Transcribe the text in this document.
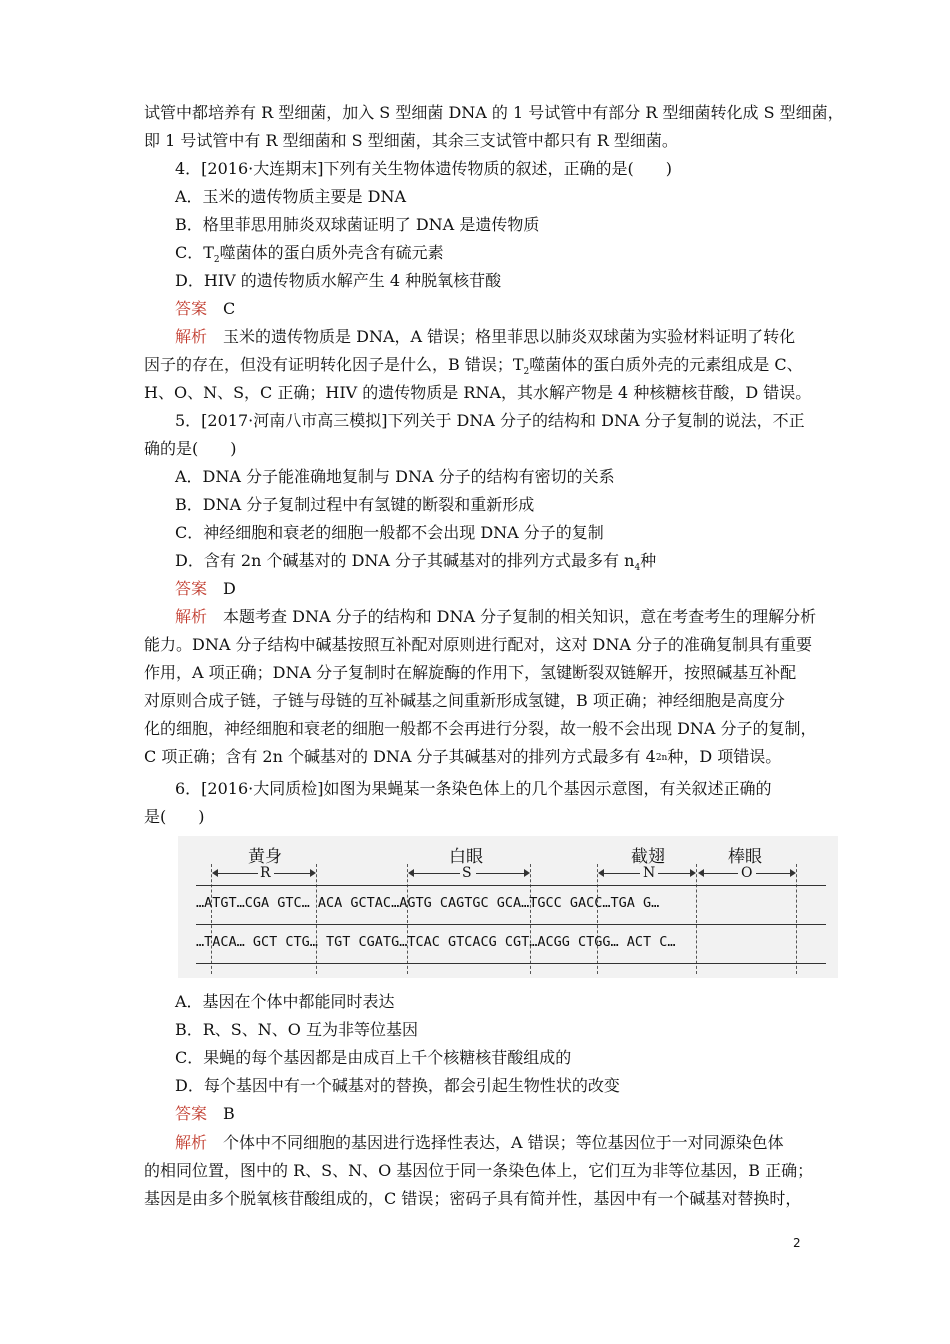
试管中都培养有 R 型细菌，加入 S 型细菌 DNA 的 1 号试管中有部分 R 型细菌转化成 S 型细菌，
即 1 号试管中有 R 型细菌和 S 型细菌，其余三支试管中都只有 R 型细菌。
4．[2016·大连期末]下列有关生物体遗传物质的叙述，正确的是(　　)
A．玉米的遗传物质主要是 DNA
B．格里菲思用肺炎双球菌证明了 DNA 是遗传物质
C．$T_2$噬菌体的蛋白质外壳含有硫元素
D．HIV 的遗传物质水解产生 4 种脱氧核苷酸
答案　 C
解析　 玉米的遗传物质是 DNA，A 错误；格里菲思以肺炎双球菌为实验材料证明了转化
因子的存在，但没有证明转化因子是什么，B 错误；$T_2$噬菌体的蛋白质外壳的元素组成是 C、
H、O、N、S，C 正确；HIV 的遗传物质是 RNA，其水解产物是 4 种核糖核苷酸，D 错误。
5．[2017·河南八市高三模拟]下列关于 DNA 分子的结构和 DNA 分子复制的说法，不正
确的是(　　)
A．DNA 分子能准确地复制与 DNA 分子的结构有密切的关系
B．DNA 分子复制过程中有氢键的断裂和重新形成
C．神经细胞和衰老的细胞一般都不会出现 DNA 分子的复制
D．含有 2n 个碱基对的 DNA 分子其碱基对的排列方式最多有 $n_4$种
答案　 D
解析　 本题考查 DNA 分子的结构和 DNA 分子复制的相关知识，意在考查考生的理解分析
能力。DNA 分子结构中碱基按照互补配对原则进行配对，这对 DNA 分子的准确复制具有重要
作用，A 项正确；DNA 分子复制时在解旋酶的作用下，氢键断裂双链解开，按照碱基互补配
对原则合成子链，子链与母链的互补碱基之间重新形成氢键，B 项正确；神经细胞是高度分
化的细胞，神经细胞和衰老的细胞一般都不会再进行分裂，故一般不会出现 DNA 分子的复制，
C 项正确；含有 2n 个碱基对的 DNA 分子其碱基对的排列方式最多有 $4^{2n}$种，D 项错误。
6．[2016·大同质检]如图为果蝇某一条染色体上的几个基因示意图，有关叙述正确的
是(　　)
黄身	白眼	截翅	棒眼
R	S	N	O
…ATGT…CGA GTC… ACA GCTAC…AGTG CAGTGC GCA…TGCC GACC…TGA G…
…TACA… GCT CTG… TGT CGATG…TCAC GTCACG CGT…ACGG CTGG… ACT C…
A．基因在个体中都能同时表达
B．R、S、N、O 互为非等位基因
C．果蝇的每个基因都是由成百上千个核糖核苷酸组成的
D．每个基因中有一个碱基对的替换，都会引起生物性状的改变
答案　 B
解析　 个体中不同细胞的基因进行选择性表达，A 错误；等位基因位于一对同源染色体
的相同位置，图中的 R、S、N、O 基因位于同一条染色体上，它们互为非等位基因，B 正确；
基因是由多个脱氧核苷酸组成的，C 错误；密码子具有简并性，基因中有一个碱基对替换时，
2
